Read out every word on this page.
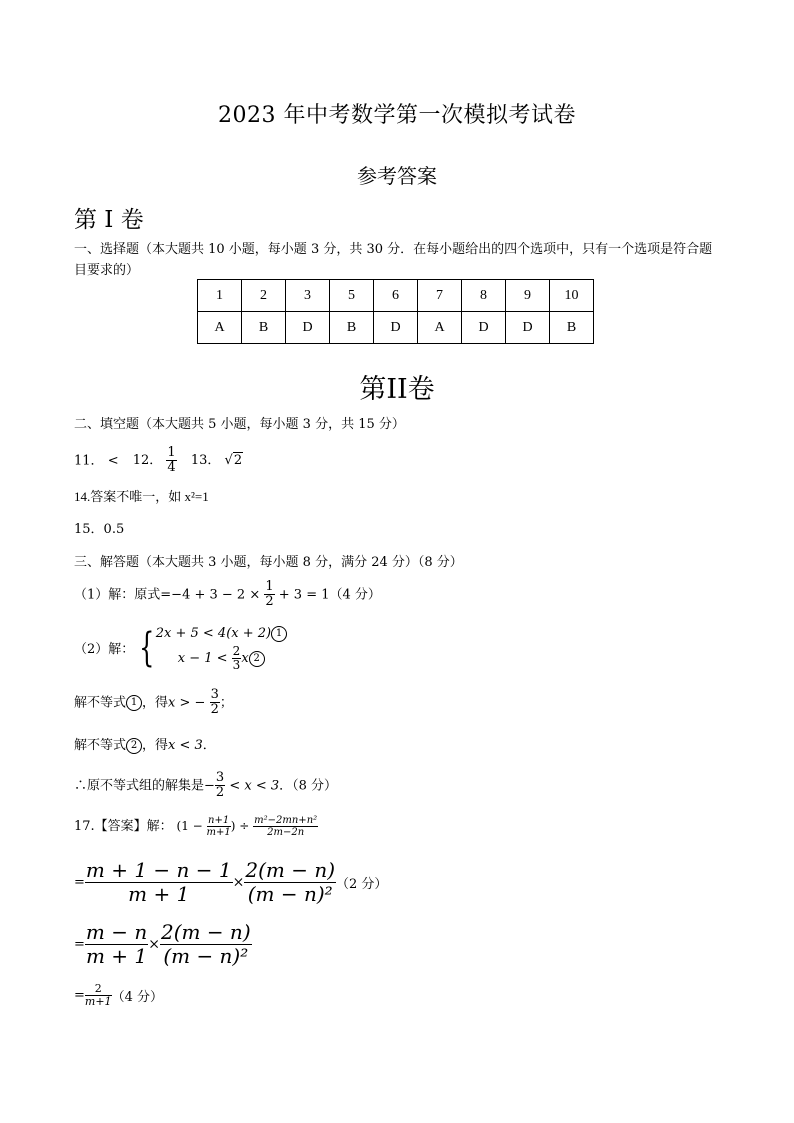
2023 年中考数学第一次模拟考试卷
参考答案
第 I 卷
一、选择题（本大题共 10 小题，每小题 3 分，共 30 分．在每小题给出的四个选项中，只有一个选项是符合题目要求的）
1	2	3	5	6	7	8	9	10
A	B	D	B	D	A	D	D	B
第II卷
二、填空题（本大题共 5 小题，每小题 3 分，共 15 分）
11． < 12． $\frac{1}{4} 13$． √2
14.答案不唯一，如 x²=1
15．0.5
三、解答题（本大题共 3 小题，每小题 8 分，满分 24 分）（8 分）
（1）解：原式$=-4 + 3 - 2 \times \frac{1}{2} + 3 = 1(4$ 分）
（2）解： { 2x + 5 < 4(x + 2) 1
$x - 1 < \frac{2}{3}$ x 2
解不等式 1 ，得x > − $\frac{3}{2}$ ；
解不等式 2 ，得x < 3．
∴原不等式组的解集是− $\frac{3}{2} < x < 3$．（8 分）
17.【答案】解： ($1 - \frac{n+1}{m+1}$ ) ÷ $\frac{\text{m²−2mn+n²}}{2m-2n}$
= $\frac{m + 1 - n - 1}{m + 1} \times \frac{2(m - n)}{\text{(m − n)²}} (2$ 分）
= $\frac{m - n}{m + 1} \times \frac{2(m - n)}{\text{(m − n)²}}$
= $\frac{2}{m+1} (4$ 分）
